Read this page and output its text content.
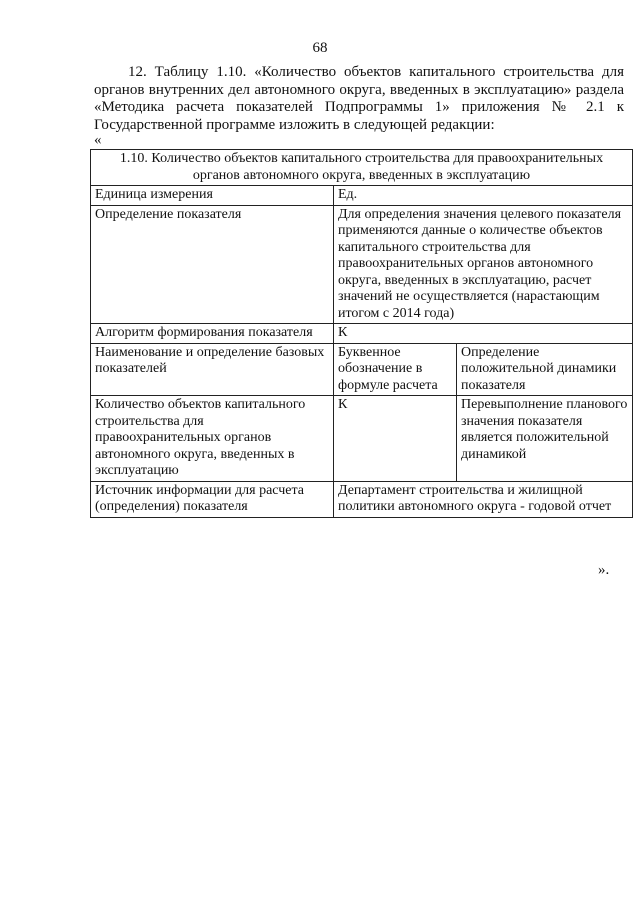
68
12. Таблицу 1.10. «Количество объектов капитального строительства для
органов внутренних дел автономного округа, введенных в эксплуатацию» раздела
«Методика расчета показателей Подпрограммы 1» приложения № 2.1 к
Государственной программе изложить в следующей редакции:
«
1.10. Количество объектов капитального строительства для правоохранительных
органов автономного округа, введенных в эксплуатацию		

Единица измерения	Ед.	
Определение показателя	Для определения значения целевого показателя применяются данные о количестве объектов капитального строительства для правоохранительных органов автономного округа, введенных в эксплуатацию, расчет значений не осуществляется (нарастающим итогом с 2014 года)	
Алгоритм формирования показателя	К	
Наименование и определение базовых показателей	Буквенное обозначение в формуле расчета	Определение положительной динамики показателя
Количество объектов капитального строительства для правоохранительных органов автономного округа, введенных в эксплуатацию	К	Перевыполнение планового значения показателя является положительной динамикой
Источник информации для расчета (определения) показателя	Департамент строительства и жилищной политики автономного округа - годовой отчет	
».
